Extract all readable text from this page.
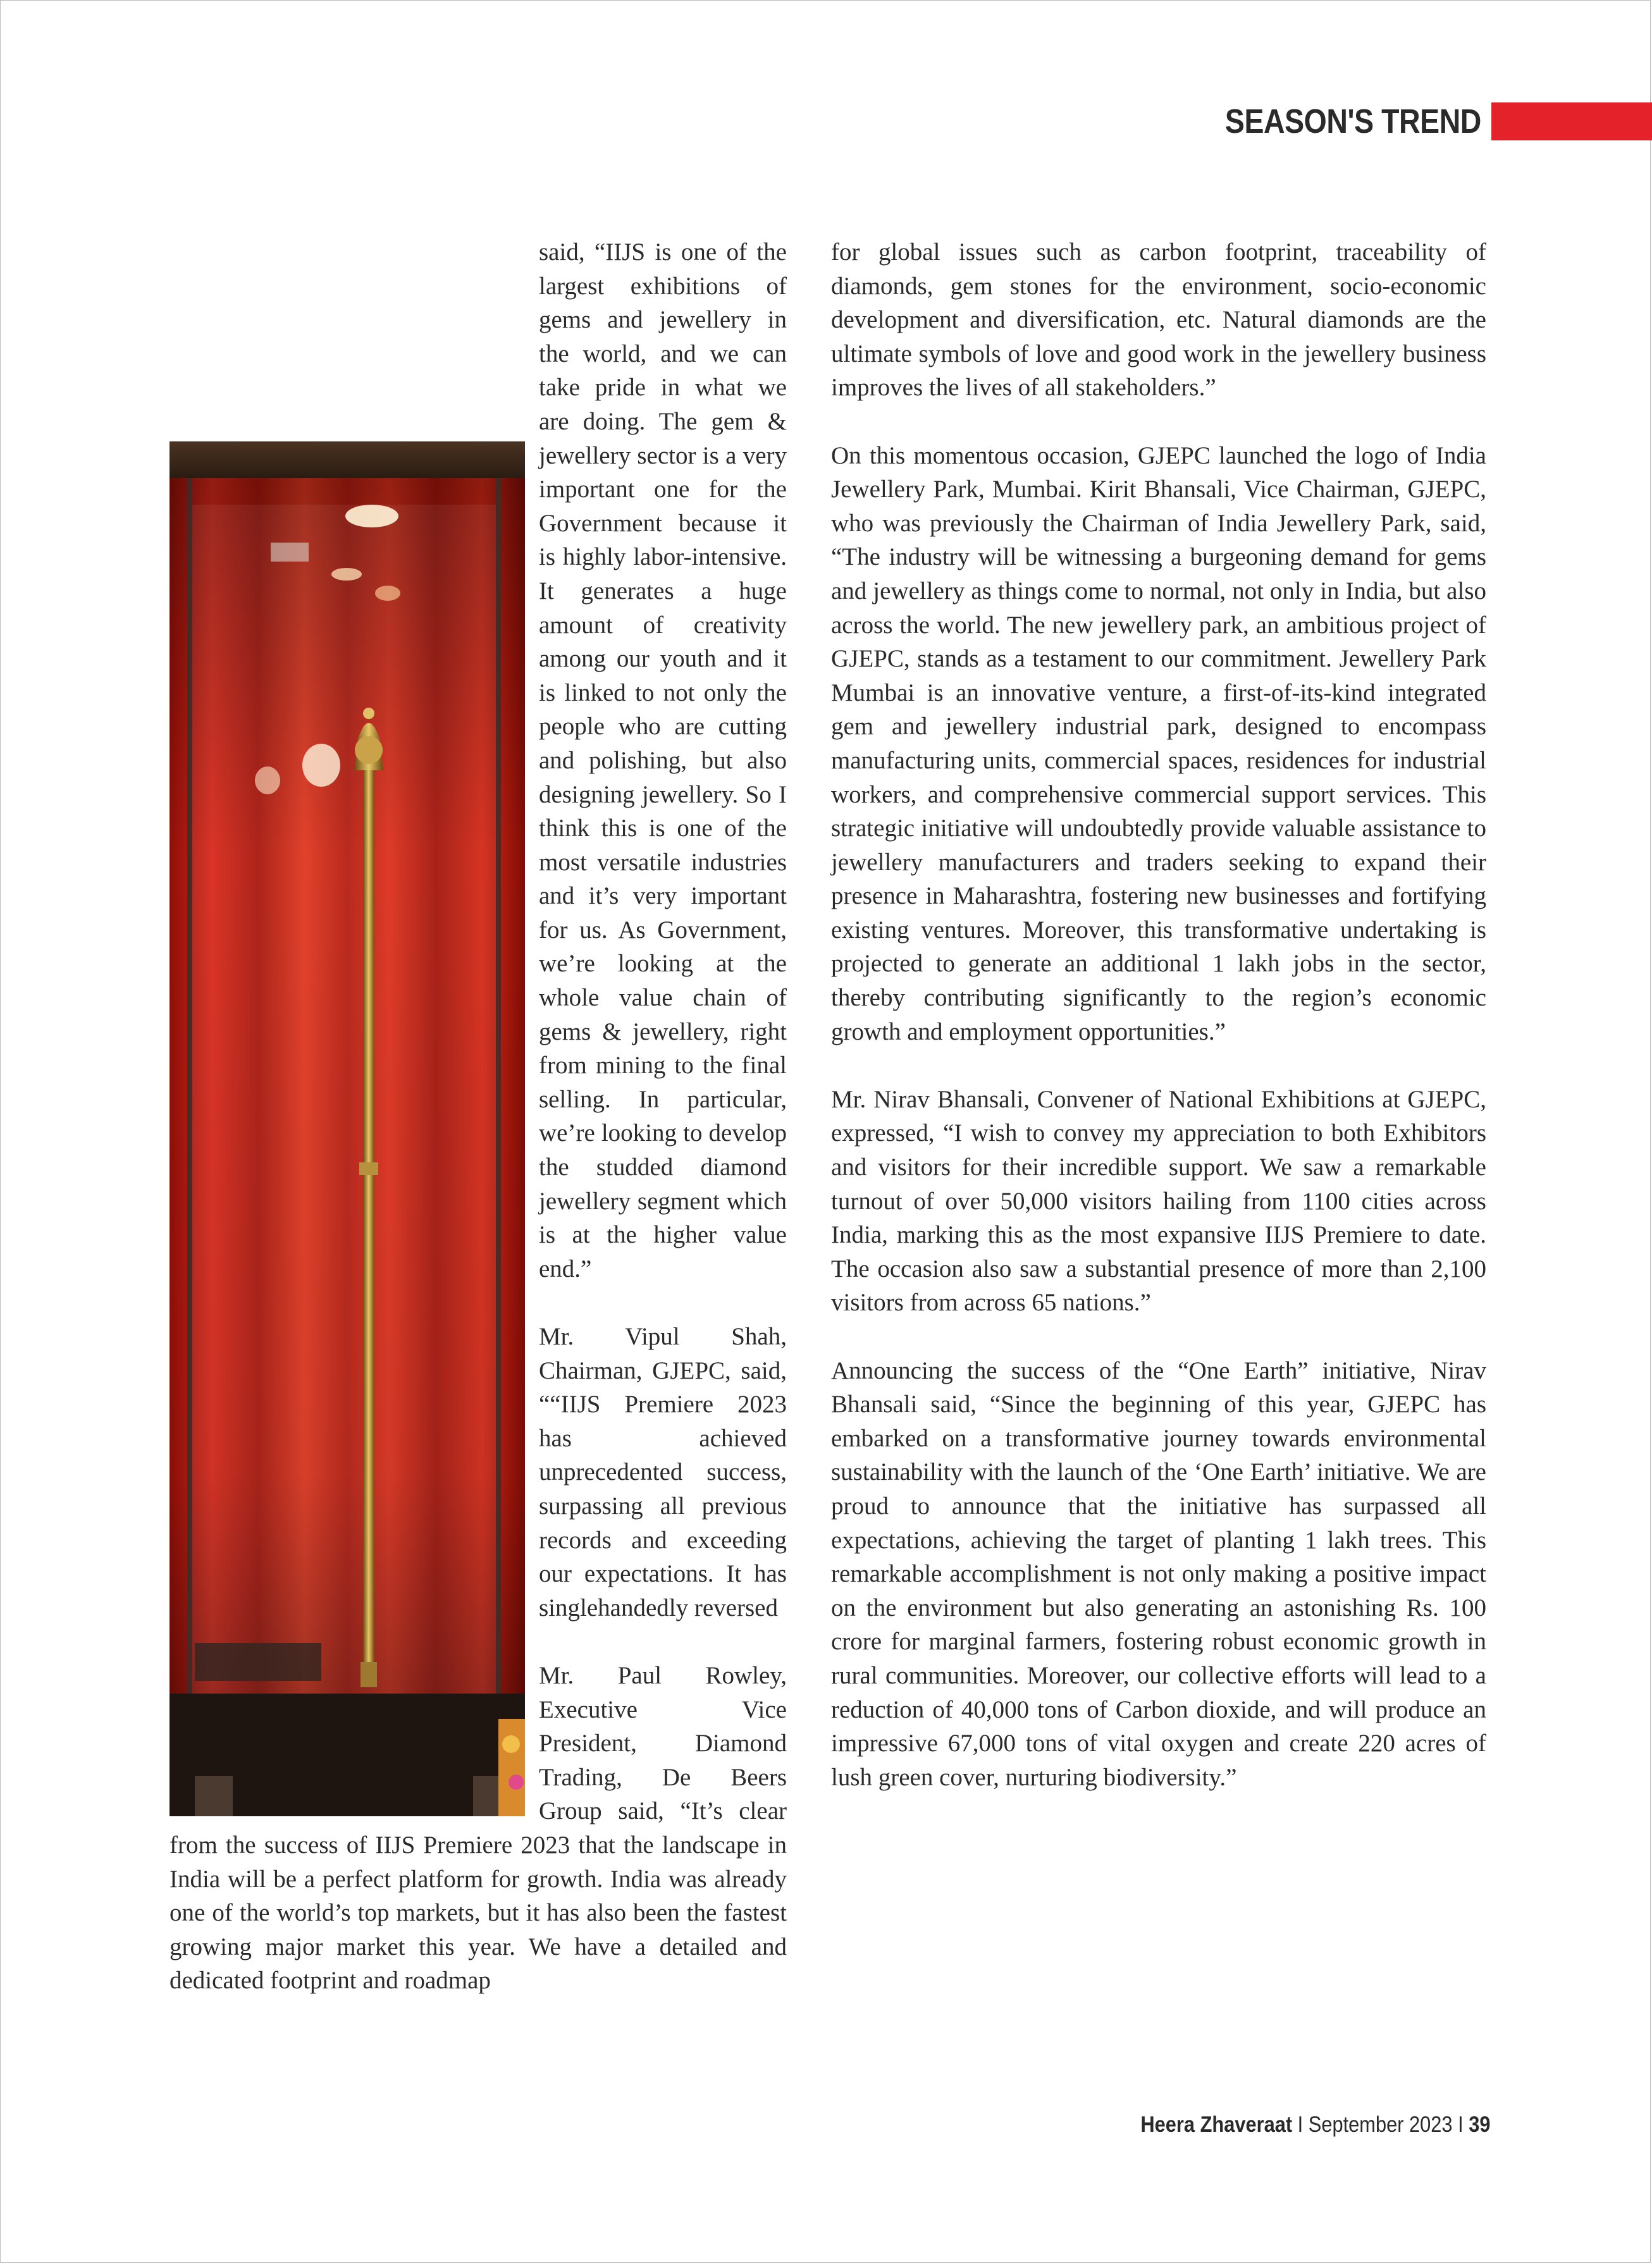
SEASON'S TREND

said, “IIJS is one of the largest exhibitions of gems and jewellery in the world, and we can take pride in what we are doing. The gem & jewellery sector is a very important one for the Government because it is highly labor-intensive. It generates a huge amount of creativity among our youth and it is linked to not only the people who are cutting and polishing, but also designing jewellery. So I think this is one of the most versatile industries and it’s very important for us. As Government, we’re looking at the whole value chain of gems & jewellery, right from mining to the final selling. In particular, we’re looking to develop the studded diamond jewellery segment which is at the higher value end.”

Mr. Vipul Shah, Chairman, GJEPC, said, ““IIJS Premiere 2023 has achieved unprecedented success, surpassing all previous records and exceeding our expectations. It has singlehandedly reversed

Mr. Paul Rowley, Executive Vice President, Diamond Trading, De Beers Group said, “It’s clear from the success of IIJS Premiere 2023 that the landscape in India will be a perfect platform for growth. India was already one of the world’s top markets, but it has also been the fastest growing major market this year. We have a detailed and dedicated footprint and roadmap

for global issues such as carbon footprint, traceability of diamonds, gem stones for the environment, socio-economic development and diversification, etc. Natural diamonds are the ultimate symbols of love and good work in the jewellery business improves the lives of all stakeholders.”

On this momentous occasion, GJEPC launched the logo of India Jewellery Park, Mumbai. Kirit Bhansali, Vice Chairman, GJEPC, who was previously the Chairman of India Jewellery Park, said, “The industry will be witnessing a burgeoning demand for gems and jewellery as things come to normal, not only in India, but also across the world. The new jewellery park, an ambitious project of GJEPC, stands as a testament to our commitment. Jewellery Park Mumbai is an innovative venture, a first-of-its-kind integrated gem and jewellery industrial park, designed to encompass manufacturing units, commercial spaces, residences for industrial workers, and comprehensive commercial support services. This strategic initiative will undoubtedly provide valuable assistance to jewellery manufacturers and traders seeking to expand their presence in Maharashtra, fostering new businesses and fortifying existing ventures. Moreover, this transformative undertaking is projected to generate an additional 1 lakh jobs in the sector, thereby contributing significantly to the region’s economic growth and employment opportunities.”

Mr. Nirav Bhansali, Convener of National Exhibitions at GJEPC, expressed, “I wish to convey my appreciation to both Exhibitors and visitors for their incredible support. We saw a remarkable turnout of over 50,000 visitors hailing from 1100 cities across India, marking this as the most expansive IIJS Premiere to date. The occasion also saw a substantial presence of more than 2,100 visitors from across 65 nations.”

Announcing the success of the “One Earth” initiative, Nirav Bhansali said, “Since the beginning of this year, GJEPC has embarked on a transformative journey towards environmental sustainability with the launch of the ‘One Earth’ initiative. We are proud to announce that the initiative has surpassed all expectations, achieving the target of planting 1 lakh trees. This remarkable accomplishment is not only making a positive impact on the environment but also generating an astonishing Rs. 100 crore for marginal farmers, fostering robust economic growth in rural communities. Moreover, our collective efforts will lead to a reduction of 40,000 tons of Carbon dioxide, and will produce an impressive 67,000 tons of vital oxygen and create 220 acres of lush green cover, nurturing biodiversity.”

Heera Zhaveraat I September 2023 I 39
